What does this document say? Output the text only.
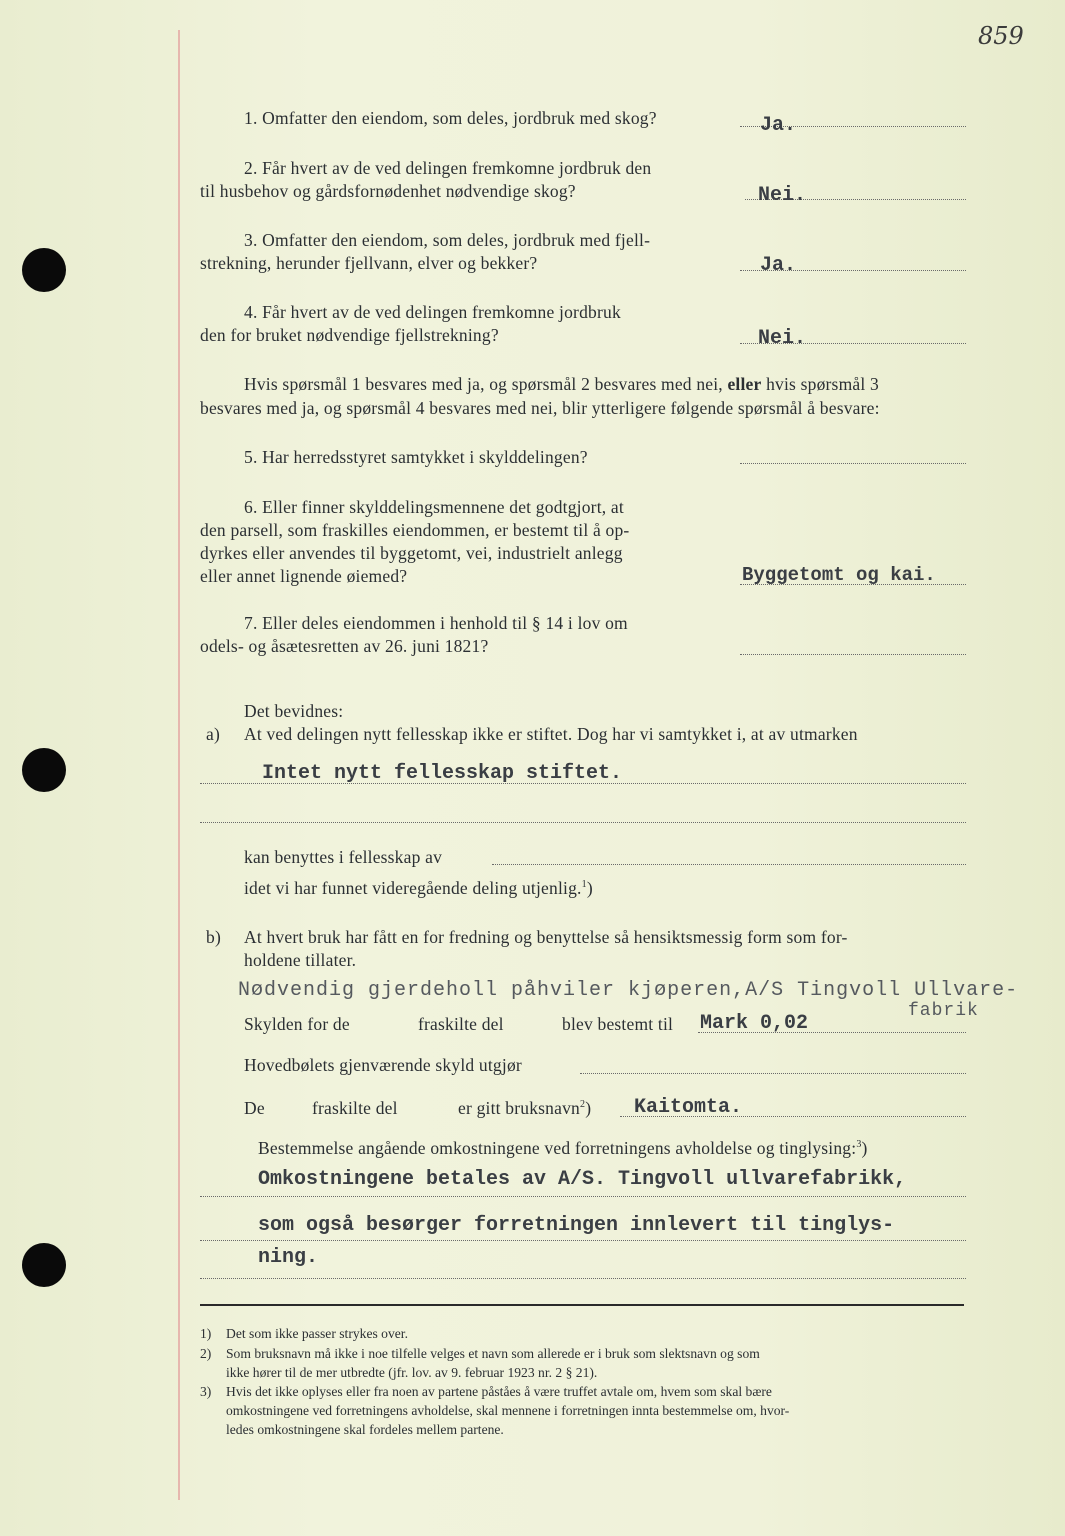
859
1. Omfatter den eiendom, som deles, jordbruk med skog?	Ja.
2. Får hvert av de ved delingen fremkomne jordbruk den
til husbehov og gårdsfornødenhet nødvendige skog?	Nei.
3. Omfatter den eiendom, som deles, jordbruk med fjell-
strekning, herunder fjellvann, elver og bekker?	Ja.
4. Får hvert av de ved delingen fremkomne jordbruk
den for bruket nødvendige fjellstrekning?	Nei.
Hvis spørsmål 1 besvares med ja, og spørsmål 2 besvares med nei, eller hvis spørsmål 3
besvares med ja, og spørsmål 4 besvares med nei, blir ytterligere følgende spørsmål å besvare:
5. Har herredsstyret samtykket i skylddelingen?
6. Eller finner skylddelingsmennene det godtgjort, at
den parsell, som fraskilles eiendommen, er bestemt til å op-
dyrkes eller anvendes til byggetomt, vei, industrielt anlegg
eller annet lignende øiemed?	Byggetomt og kai.
7. Eller deles eiendommen i henhold til § 14 i lov om
odels- og åsætesretten av 26. juni 1821?
Det bevidnes:
a) At ved delingen nytt fellesskap ikke er stiftet. Dog har vi samtykket i, at av utmarken
Intet nytt fellesskap stiftet.
kan benyttes i fellesskap av
idet vi har funnet videregående deling utjenlig.$^1$)
b) At hvert bruk har fått en for fredning og benyttelse så hensiktsmessig form som for-
holdene tillater.
Nødvendig gjerdeholl påhviler kjøperen,A/S Tingvoll Ullvare-
fabrik
Skylden for de	fraskilte del	blev bestemt til Mark 0,02
Hovedbølets gjenværende skyld utgjør
De	fraskilte del	er gitt bruksnavn$^2$) Kaitomta.
Bestemmelse angående omkostningene ved forretningens avholdelse og tinglysing:$^3$)
Omkostningene betales av A/S. Tingvoll ullvarefabrikk,
som også besørger forretningen innlevert til tinglys-
ning.
1) Det som ikke passer strykes over.
2) Som bruksnavn må ikke i noe tilfelle velges et navn som allerede er i bruk som slektsnavn og som
ikke hører til de mer utbredte (jfr. lov. av 9. februar 1923 nr. 2 § 21).
3) Hvis det ikke oplyses eller fra noen av partene påståes å være truffet avtale om, hvem som skal bære
omkostningene ved forretningens avholdelse, skal mennene i forretningen innta bestemmelse om, hvor-
ledes omkostningene skal fordeles mellem partene.
